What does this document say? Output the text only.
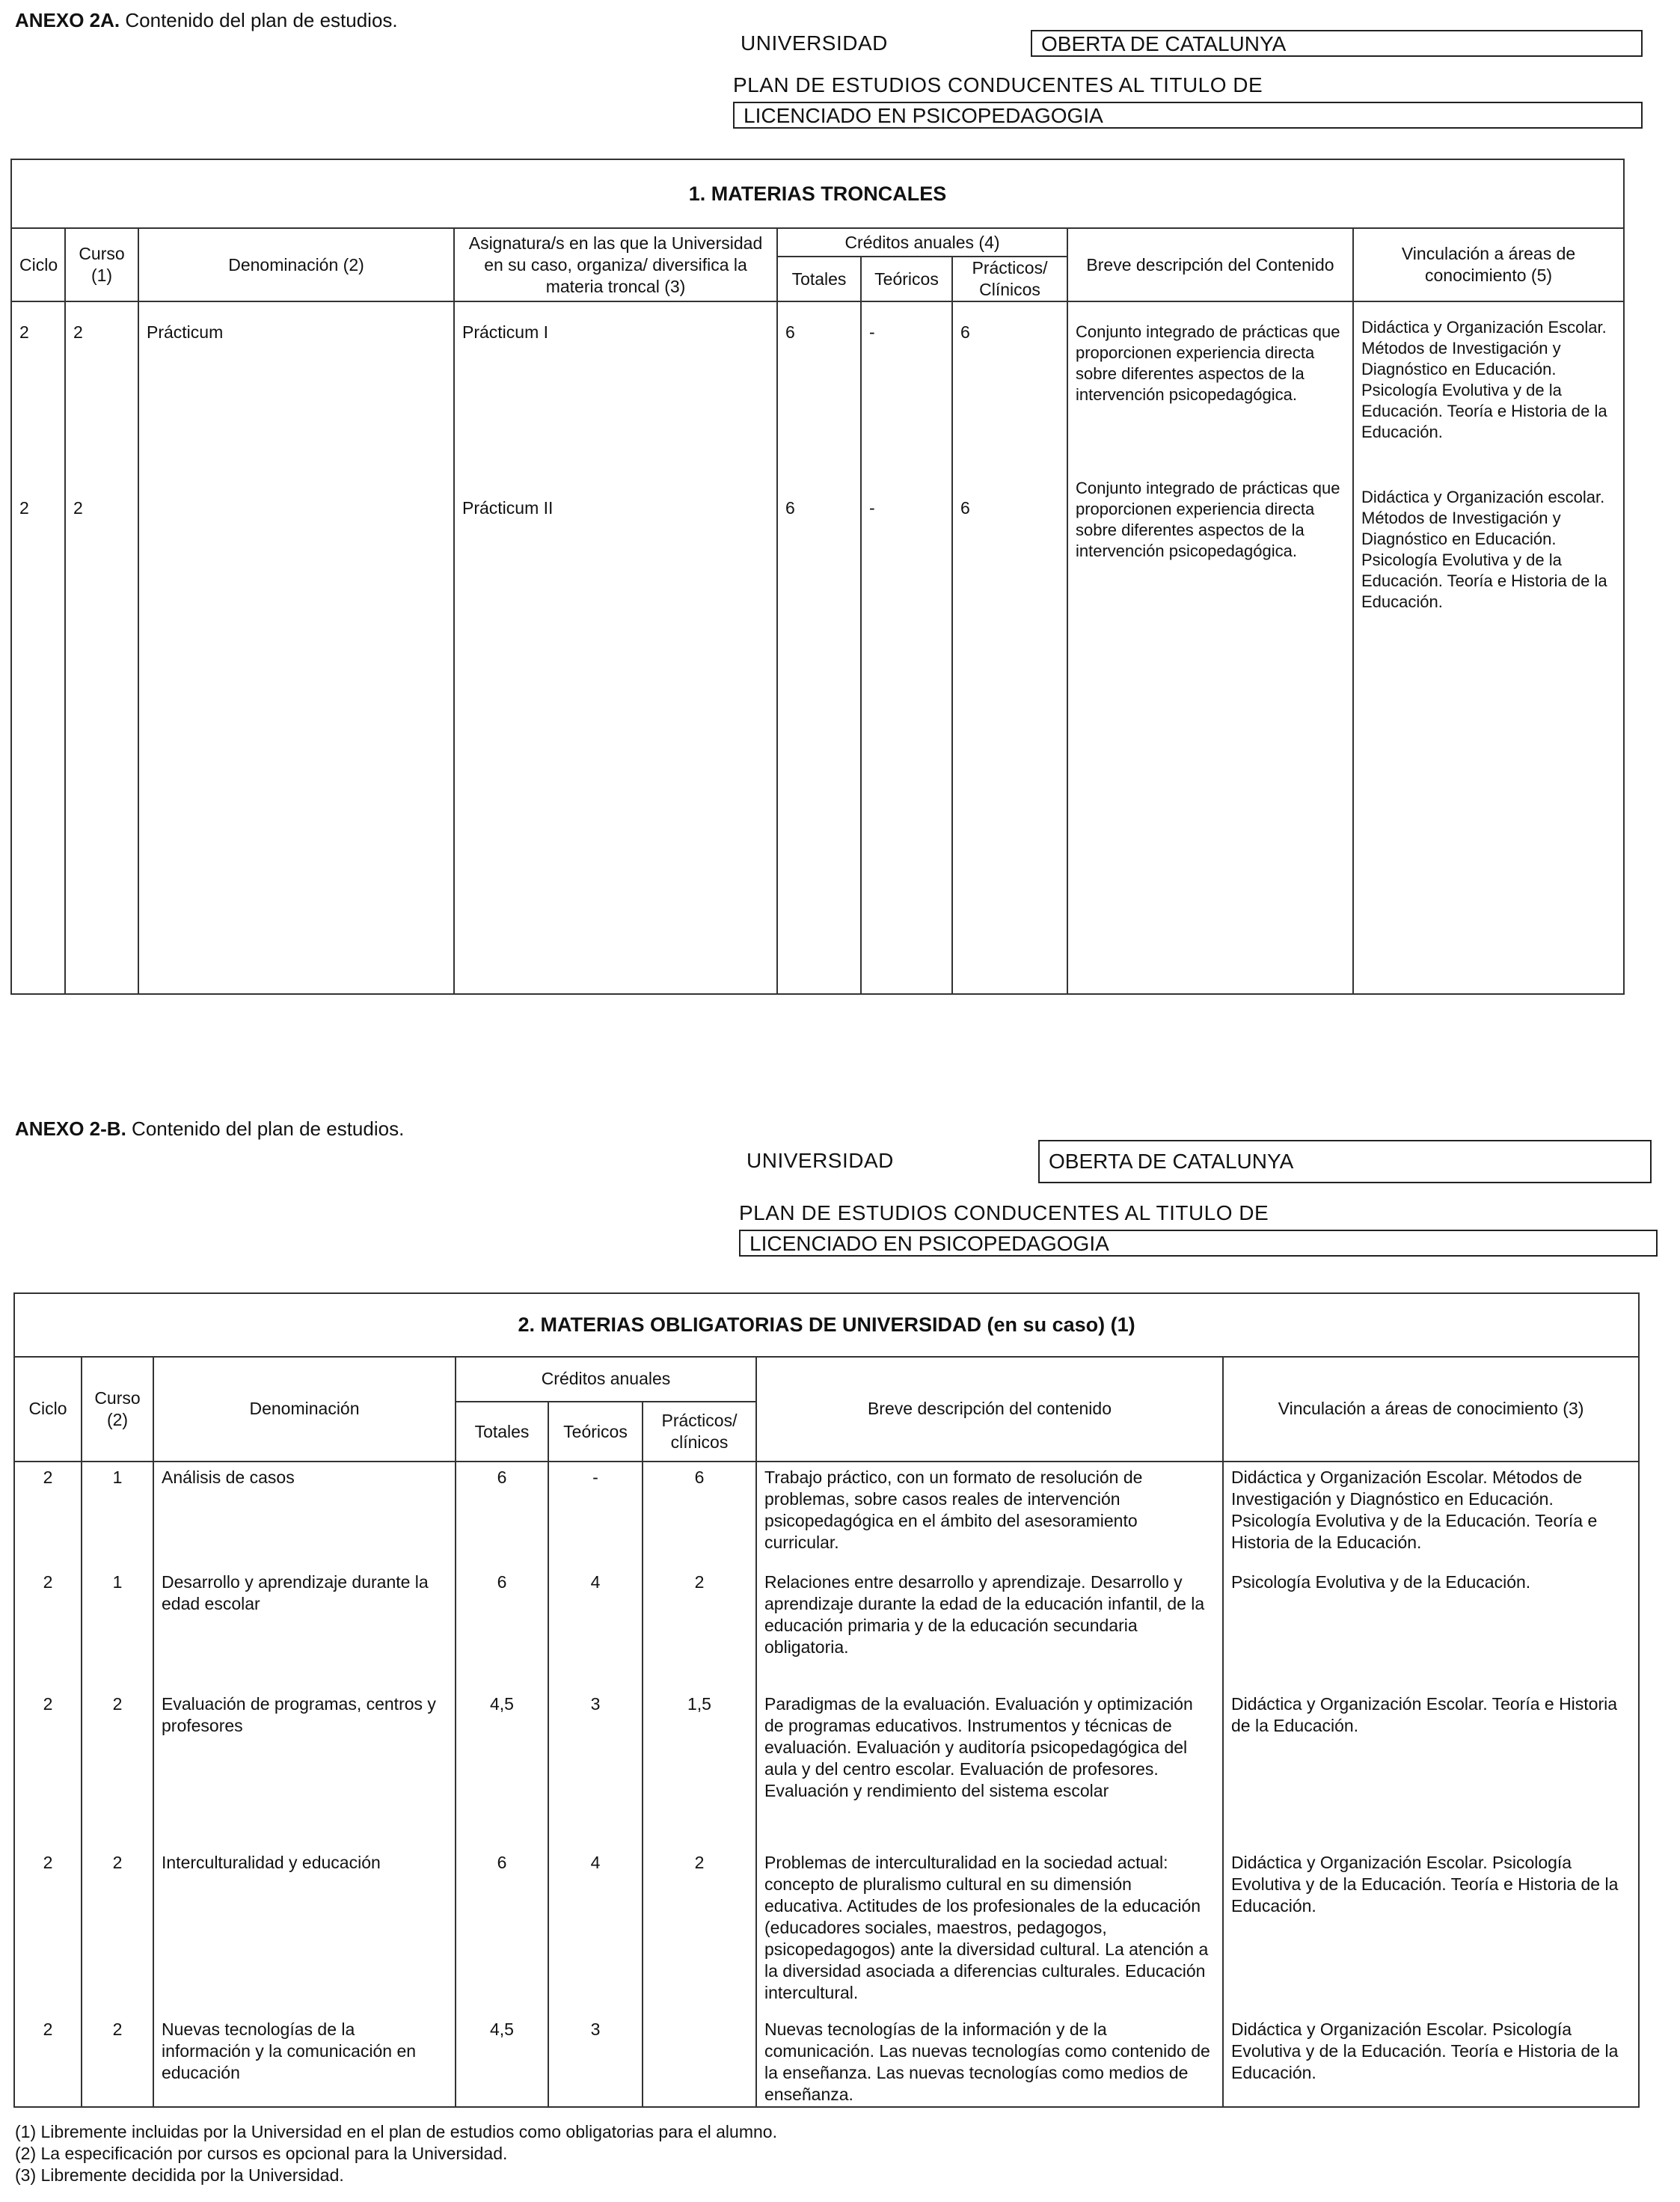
ANEXO 2A. Contenido del plan de estudios.
UNIVERSIDAD	OBERTA DE CATALUNYA
PLAN DE ESTUDIOS CONDUCENTES AL TITULO DE
LICENCIADO EN PSICOPEDAGOGIA
1. MATERIAS TRONCALES								
Ciclo	Curso (1)	Denominación (2)	Asignatura/s en las que la Universidad en su caso, organiza/ diversifica la materia troncal (3)	Créditos anuales (4)			Breve descripción del Contenido	Vinculación a áreas de conocimiento (5)
				Totales	Teóricos	Prácticos/ Clínicos		
2	2	Prácticum	Prácticum I	6	-	6	Conjunto integrado de prácticas que proporcionen experiencia directa sobre diferentes aspectos de la intervención psicopedagógica.	Didáctica y Organización Escolar. Métodos de Investigación y Diagnóstico en Educación. Psicología Evolutiva y de la Educación. Teoría e Historia de la Educación.
2	2		Prácticum II	6	-	6	Conjunto integrado de prácticas que proporcionen experiencia directa sobre diferentes aspectos de la intervención psicopedagógica.	Didáctica y Organización escolar. Métodos de Investigación y Diagnóstico en Educación. Psicología Evolutiva y de la Educación. Teoría e Historia de la Educación.
ANEXO 2-B. Contenido del plan de estudios.
UNIVERSIDAD	OBERTA DE CATALUNYA
PLAN DE ESTUDIOS CONDUCENTES AL TITULO DE
LICENCIADO EN PSICOPEDAGOGIA
2. MATERIAS OBLIGATORIAS DE UNIVERSIDAD (en su caso) (1)							
Ciclo	Curso (2)	Denominación	Créditos anuales			Breve descripción del contenido	Vinculación a áreas de conocimiento (3)
			Totales	Teóricos	Prácticos/ clínicos		
2	1	Análisis de casos	6	-	6	Trabajo práctico, con un formato de resolución de problemas, sobre casos reales de intervención psicopedagógica en el ámbito del asesoramiento curricular.	Didáctica y Organización Escolar. Métodos de Investigación y Diagnóstico en Educación. Psicología Evolutiva y de la Educación. Teoría e Historia de la Educación.
2	1	Desarrollo y aprendizaje durante la edad escolar	6	4	2	Relaciones entre desarrollo y aprendizaje. Desarrollo y aprendizaje durante la edad de la educación infantil, de la educación primaria y de la educación secundaria obligatoria.	Psicología Evolutiva y de la Educación.
2	2	Evaluación de programas, centros y profesores	4,5	3	1,5	Paradigmas de la evaluación. Evaluación y optimización de programas educativos. Instrumentos y técnicas de evaluación. Evaluación y auditoría psicopedagógica del aula y del centro escolar. Evaluación de profesores. Evaluación y rendimiento del sistema escolar	Didáctica y Organización Escolar. Teoría e Historia de la Educación.
2	2	Interculturalidad y educación	6	4	2	Problemas de interculturalidad en la sociedad actual: concepto de pluralismo cultural en su dimensión educativa. Actitudes de los profesionales de la educación (educadores sociales, maestros, pedagogos, psicopedagogos) ante la diversidad cultural. La atención a la diversidad asociada a diferencias culturales. Educación intercultural.	Didáctica y Organización Escolar. Psicología Evolutiva y de la Educación. Teoría e Historia de la Educación.
2	2	Nuevas tecnologías de la información y la comunicación en educación	4,5	3		Nuevas tecnologías de la información y de la comunicación. Las nuevas tecnologías como contenido de la enseñanza. Las nuevas tecnologías como medios de enseñanza.	Didáctica y Organización Escolar. Psicología Evolutiva y de la Educación. Teoría e Historia de la Educación.
(1) Libremente incluidas por la Universidad en el plan de estudios como obligatorias para el alumno.
(2) La especificación por cursos es opcional para la Universidad.
(3) Libremente decidida por la Universidad.
